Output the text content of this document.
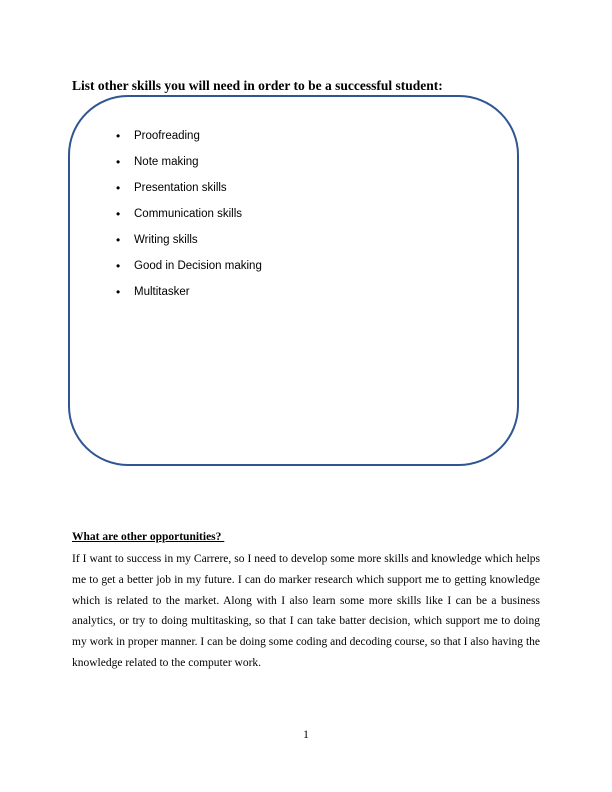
List other skills you will need in order to be a successful student:
• Proofreading
• Note making
• Presentation skills
• Communication skills
• Writing skills
• Good in Decision making
• Multitasker
What are other opportunities?

If I want to success in my Carrere, so I need to develop some more skills and knowledge which helps me to get a better job in my future. I can do marker research which support me to getting knowledge which is related to the market. Along with I also learn some more skills like I can be a business analytics, or try to doing multitasking, so that I can take batter decision, which support me to doing my work in proper manner. I can be doing some coding and decoding course, so that I also having the knowledge related to the computer work.

1
